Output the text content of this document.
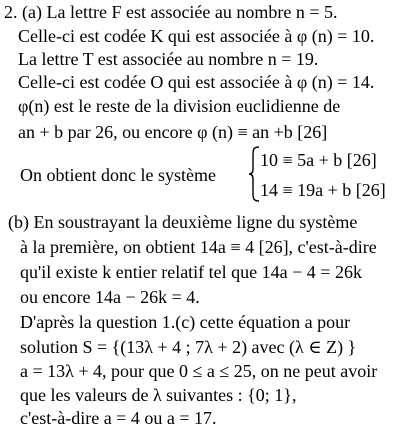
2. (a) La lettre F est associée au nombre n = 5.
Celle-ci est codée K qui est associée à φ (n) = 10.
La lettre T est associée au nombre n = 19.
Celle-ci est codée O qui est associée à φ (n) = 14.
φ(n) est le reste de la division euclidienne de
an + b par 26, ou encore φ (n) ≡ an +b [26]
On obtient donc le système
10 ≡ 5a + b [26]
14 ≡ 19a + b [26]
(b) En soustrayant la deuxième ligne du système
à la première, on obtient 14a ≡ 4 [26], c'est-à-dire
qu'il existe k entier relatif tel que 14a − 4 = 26k
ou encore 14a − 26k = 4.
D'après la question 1.(c) cette équation a pour
solution S = {(13λ + 4 ; 7λ + 2) avec (λ ∈ Z) }
a = 13λ + 4, pour que 0 ≤ a ≤ 25, on ne peut avoir
que les valeurs de λ suivantes : {0; 1},
c'est-à-dire a = 4 ou a = 17.
